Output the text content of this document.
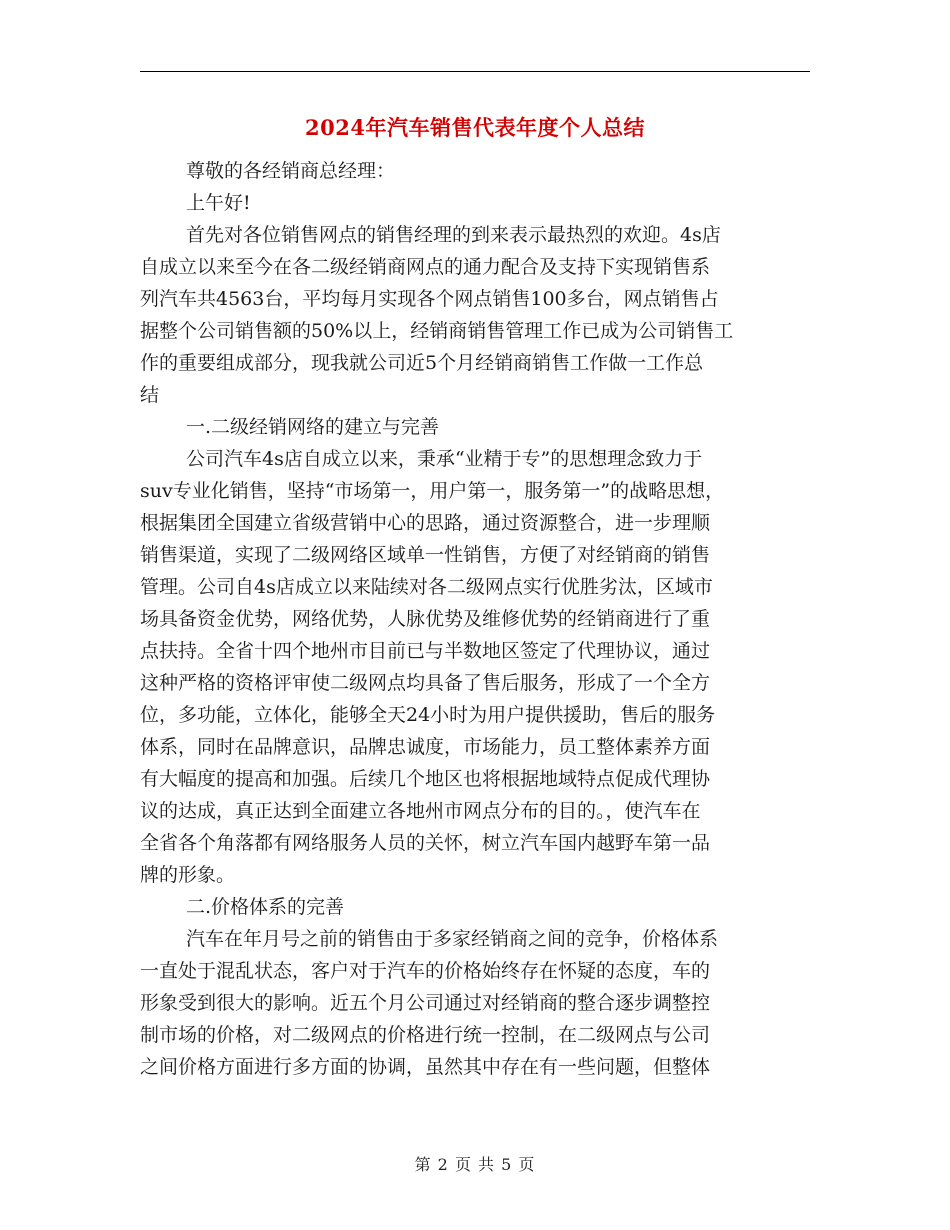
2024年汽车销售代表年度个人总结
尊敬的各经销商总经理：
上午好!
首先对各位销售网点的销售经理的到来表示最热烈的欢迎。4s店
自成立以来至今在各二级经销商网点的通力配合及支持下实现销售系
列汽车共4563台，平均每月实现各个网点销售100多台，网点销售占
据整个公司销售额的50%以上，经销商销售管理工作已成为公司销售工
作的重要组成部分，现我就公司近5个月经销商销售工作做一工作总
结
一.二级经销网络的建立与完善
公司汽车4s店自成立以来，秉承“业精于专”的思想理念致力于
suv专业化销售，坚持“市场第一，用户第一，服务第一”的战略思想，
根据集团全国建立省级营销中心的思路，通过资源整合，进一步理顺
销售渠道，实现了二级网络区域单一性销售，方便了对经销商的销售
管理。公司自4s店成立以来陆续对各二级网点实行优胜劣汰，区域市
场具备资金优势，网络优势，人脉优势及维修优势的经销商进行了重
点扶持。全省十四个地州市目前已与半数地区签定了代理协议，通过
这种严格的资格评审使二级网点均具备了售后服务，形成了一个全方
位，多功能，立体化，能够全天24小时为用户提供援助，售后的服务
体系，同时在品牌意识，品牌忠诚度，市场能力，员工整体素养方面
有大幅度的提高和加强。后续几个地区也将根据地域特点促成代理协
议的达成，真正达到全面建立各地州市网点分布的目的。，使汽车在
全省各个角落都有网络服务人员的关怀，树立汽车国内越野车第一品
牌的形象。
二.价格体系的完善
汽车在年月号之前的销售由于多家经销商之间的竞争，价格体系
一直处于混乱状态，客户对于汽车的价格始终存在怀疑的态度，车的
形象受到很大的影响。近五个月公司通过对经销商的整合逐步调整控
制市场的价格，对二级网点的价格进行统一控制，在二级网点与公司
之间价格方面进行多方面的协调，虽然其中存在有一些问题，但整体
第 2 页 共 5 页
